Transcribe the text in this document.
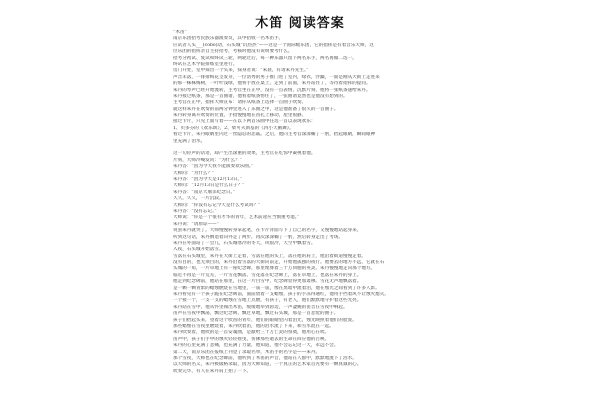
木笛 阅读答案
“木笛”
南京乐团招考民族乐器演奏员，其中招收一名木笛手。
应试者人头___(cobo)动，石头城“饥热热”——这是一个国际级乐团，它的指挥是有着音乐大师，这
位乐团的指挥亲自主持招考，考核时他没有说明要考什么。
招考分初试、复试和终试三轮，两轮过后，每一种乐器只留下两名乐手，两名再做二选一。
终试在艺术学院排练室里进行。
房门开处，室中探出一个头来，探身者说：“朱晨，有请朱丹先生。”
声音未落，一排排梅花茎发芽，一位清秀的男子推门进了室内，绿衣，浮躁，一面是刚从大街上走进来
的那一株株梅树，一叶叶浅绿，他将手放在桌上，走到了前面，朱丹站住了，等待着指挥的提问。
朱丹的琴声已经开始流转，主考官坐在正中，没有一点表情，沉默片刻，他将一张纸条递给朱丹。
朱丹接过纸条，那是一首曲谱，他看着纸条愣住了，一张曲谱竟然也是他没有想到的。
主考官在正中，指挥大师宣布：请你从纸条上选择一首曲子吹奏。
就这样朱丹在吹奏的前两分钟里进入了乐曲之中，这是他准备了很久的一首曲子。
朱丹转身离开吹奏的位置，手指慢慢地在笛孔上移动，屋里很静。
接过卡片，只见上面写着——在以下两首乐曲中任选一首以表现欢乐：
1、贝多芬的《欢乐颂》，2、柴可夫斯基的《四小天鹅舞》。
看过卡片，朱丹眼睛里闪过一丝隐忍的悲戚。之后，他向主考官深深鞠了一躬，抬起眼睛，瞬间眼神
里充满了泪水。
这一句轻声的话语，却产生出深重的效果，主考官在吃惊中凝视着他。
片刻，大师冷峻发问：“为什么？”
朱丹答：“因为今天我不能演奏欢乐曲。”
大师问：“为什么？”
朱丹答：“因为今天是12月13日。”
大师问：“12月13日是什么日子？”
朱丹答：“南京大屠杀纪念日。”
久久，久久，一片沉寂。
大师问：“你没有忘记今天是什么考试吗？”
朱丹答：“没有忘记。”
大师说：“你是一个很有才华的青年，艺术前途应当慎重考虑。”
朱丹说：“请原谅——”
说罢朱丹就哭了。大师慢慢转身拿起笔，在卡片背面写下了自己的名字，又慢慢地站起身来，
听到这句话，朱丹倒退着向外走了两步，再次深深鞠了一躬，然后转身走出了考场。
朱丹在外面站了一会儿，石头城寒冷的冬天，风很冷，天空中飘着雪。
入夜，石头城开始落雪。
雪落在石头城里，朱丹在大街上走着，雪落在他的头上，落在他的肩上，他沿着街道慢慢走着。
没有目的，也无须目的，朱丹沿着雪落的大街向前走，开始他孤独的夜行。他要去的地方不远，它就在石
头城的一角，一片草地上有一座纪念碑，那里埋葬着三十万同胞的英灵。朱丹慢慢地走向那个地方。
临近不再是一片荒芜，一片雪花飘落，雪花落在纪念碑上，落在草地上，也落在朱丹的身上。
他走到纪念碑前，他站在那里，在这一片白雪中，纪念碑显得更加肃穆。雪花无声地飘落着。
是一颗一颗青紫的蜡烛燃烧在雪地里，一簇一簇，像在黑暗中流着泪，他在烛光之间看到了许多人影。
朱丹看见有一个孩子跪在纪念碑前，面前放着一支蜡烛，孩子的手冻得通红，他用手挡着风不让烛火熄灭。
一个接一个，一支一支的蜡烛在雪地上点燃，有孩子，有老人，他们默默地守护着这些光亮。
朱丹站在雪中，他从怀里掏出木笛，缓缓地举到唇边，一声凄婉的笛音在雪夜中响起。
笛声在雪夜中飘荡，飘过纪念碑，飘过草地，飘过石头城，那是一首悲怆的曲子。
孩子们抬起头来，望着这个吹笛的青年，他们的眼睛里闪着泪光，烛光映照着他们的脸庞。
那些蜡烛在雪夜里燃烧着，朱丹吹着笛，他的泪水流了下来，和雪水混在一起。
朱丹吹奏着，他吹的是一首安魂曲，是献给三十万亡灵的祭奠，他用心在吹。
笛声中，孩子们手中的烛火轻轻摇曳，仿佛那些逝去的生命在回应他的召唤。
朱丹的心里充满了悲痛，也充满了力量，他知道，他不会忘记这一天，永远不会。
第二天，南京乐团在报纸上刊登了录取名单，木笛手的名字是——朱丹。
那个雪夜，大师也在纪念碑前，他听到了木笛的声音，他站在人群中，默默地流下了泪水。
以大师的名义，朱丹被破格录取，因为大师知道，一个真正的艺术家首先要有一颗真诚的心。
吹奏完毕，有人在朱丹肩上拍了一下。
